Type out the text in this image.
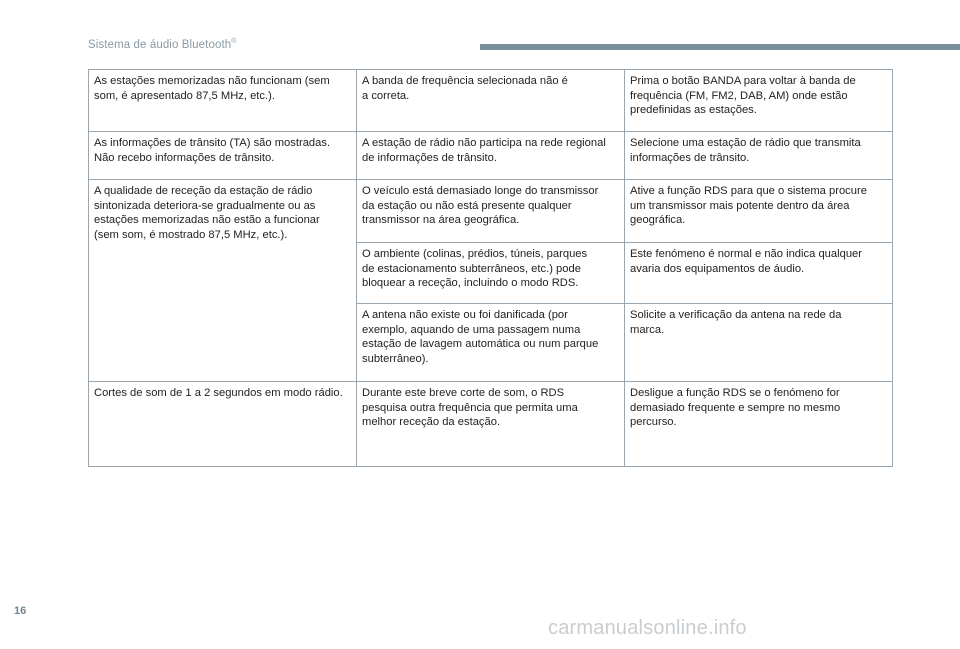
Sistema de áudio Bluetooth®
As estações memorizadas não funcionam (sem
som, é apresentado 87,5 MHz, etc.).	A banda de frequência selecionada não é
a correta.	Prima o botão BANDA para voltar à banda de
frequência (FM, FM2, DAB, AM) onde estão
predefinidas as estações.

As informações de trânsito (TA) são mostradas.
Não recebo informações de trânsito.	A estação de rádio não participa na rede regional
de informações de trânsito.	Selecione uma estação de rádio que transmita
informações de trânsito.

A qualidade de receção da estação de rádio
sintonizada deteriora-se gradualmente ou as
estações memorizadas não estão a funcionar
(sem som, é mostrado 87,5 MHz, etc.).	O veículo está demasiado longe do transmissor
da estação ou não está presente qualquer
transmissor na área geográfica.	Ative a função RDS para que o sistema procure
um transmissor mais potente dentro da área
geográfica.

	O ambiente (colinas, prédios, túneis, parques
de estacionamento subterrâneos, etc.) pode
bloquear a receção, incluindo o modo RDS.	Este fenómeno é normal e não indica qualquer
avaria dos equipamentos de áudio.

	A antena não existe ou foi danificada (por
exemplo, aquando de uma passagem numa
estação de lavagem automática ou num parque
subterrâneo).	Solicite a verificação da antena na rede da
marca.

Cortes de som de 1 a 2 segundos em modo rádio.	Durante este breve corte de som, o RDS
pesquisa outra frequência que permita uma
melhor receção da estação.	Desligue a função RDS se o fenómeno for
demasiado frequente e sempre no mesmo
percurso.
16
carmanualsonline.info
